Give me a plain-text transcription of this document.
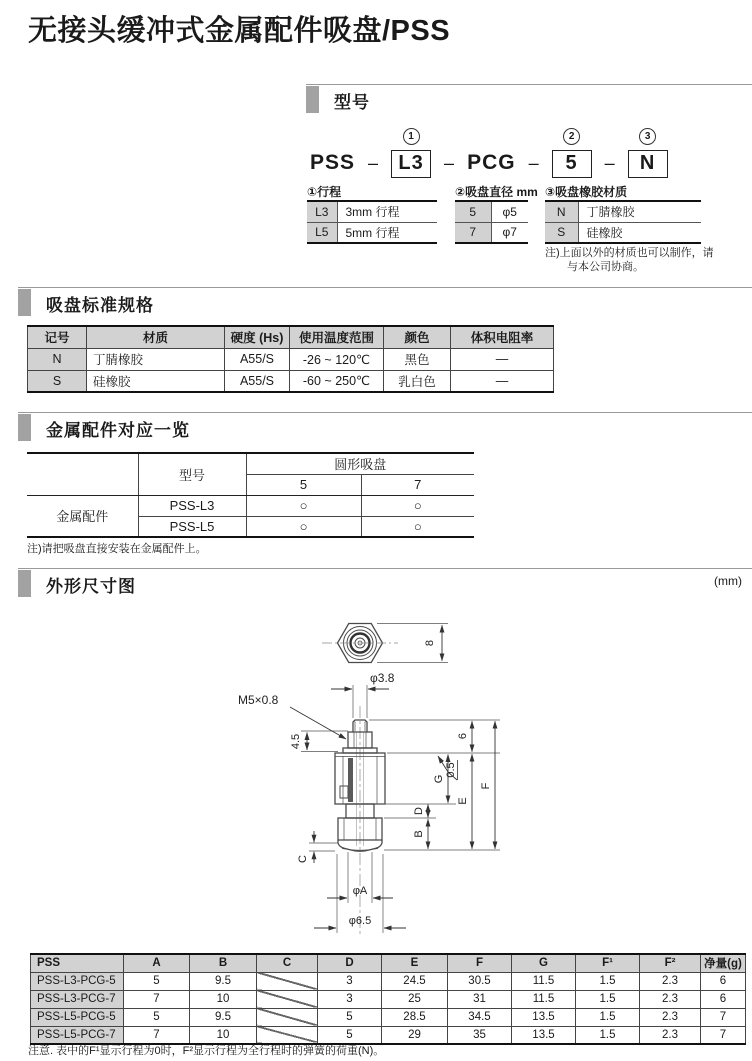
无接头缓冲式金属配件吸盘/PSS
型号
PSS –
1
L3	– PCG –
2
5	–
3
N
①行程
L3	3mm 行程
L5	5mm 行程
②吸盘直径 mm
5	φ5
7	φ7
③吸盘橡胶材质
N	丁腈橡胶
S	硅橡胶
注)上面以外的材质也可以制作，请
与本公司协商。
吸盘标准规格
记号	材质	硬度 (Hs)	使用温度范围	颜色	体积电阻率
N	丁腈橡胶	A55/S	-26 ~ 120℃	黑色	—
S	硅橡胶	A55/S	-60 ~ 250℃	乳白色	—
金属配件对应一览
	型号	圆形吸盘	
		5	7
金属配件	PSS-L3	○	○
	PSS-L5	○	○
注)请把吸盘直接安装在金属配件上。
外形尺寸图	(mm)
8
4.5
M5×0.8
C
φ3.8
6
E
F
G
D
B
0.5
φA
φ6.5
PSS	A	B	C	D	E	F	G	F¹	F²	净量(g)
PSS-L3-PCG-5	5	9.5		3	24.5	30.5	11.5	1.5	2.3	6
PSS-L3-PCG-7	7	10		3	25	31	11.5	1.5	2.3	6
PSS-L5-PCG-5	5	9.5		5	28.5	34.5	13.5	1.5	2.3	7
PSS-L5-PCG-7	7	10		5	29	35	13.5	1.5	2.3	7
注意. 表中的F¹显示行程为0时，F²显示行程为全行程时的弹簧的荷重(N)。
